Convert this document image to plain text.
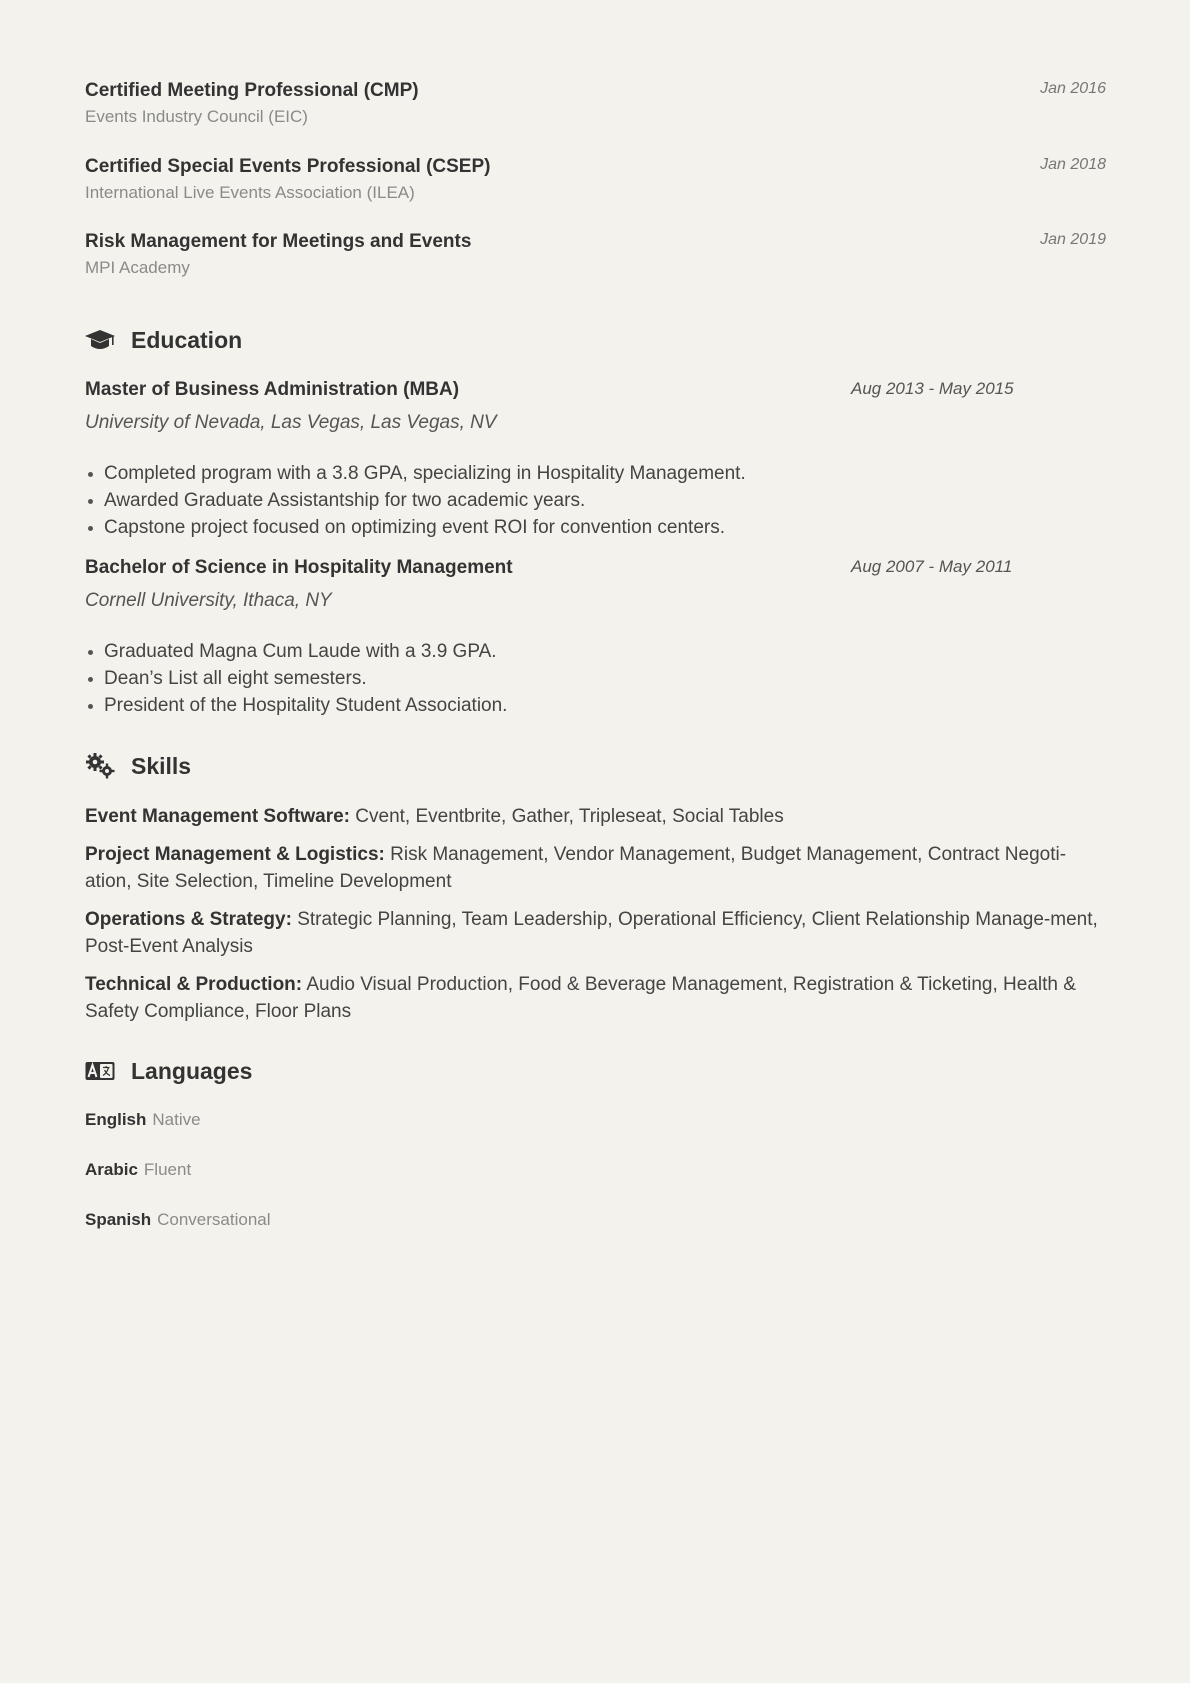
Certified Meeting Professional (CMP)
Events Industry Council (EIC)
Jan 2016
Certified Special Events Professional (CSEP)
International Live Events Association (ILEA)
Jan 2018
Risk Management for Meetings and Events
MPI Academy
Jan 2019
Education
Master of Business Administration (MBA)	Aug 2013 - May 2015
University of Nevada, Las Vegas, Las Vegas, NV
Completed program with a 3.8 GPA, specializing in Hospitality Management.
Awarded Graduate Assistantship for two academic years.
Capstone project focused on optimizing event ROI for convention centers.
Bachelor of Science in Hospitality Management	Aug 2007 - May 2011
Cornell University, Ithaca, NY
Graduated Magna Cum Laude with a 3.9 GPA.
Dean’s List all eight semesters.
President of the Hospitality Student Association.
Skills
Event Management Software: Cvent, Eventbrite, Gather, Tripleseat, Social Tables
Project Management & Logistics: Risk Management, Vendor Management, Budget Management, Contract Negoti-ation, Site Selection, Timeline Development
Operations & Strategy: Strategic Planning, Team Leadership, Operational Efficiency, Client Relationship Manage-ment, Post-Event Analysis
Technical & Production: Audio Visual Production, Food & Beverage Management, Registration & Ticketing, Health & Safety Compliance, Floor Plans
Languages
English Native
Arabic Fluent
Spanish Conversational
